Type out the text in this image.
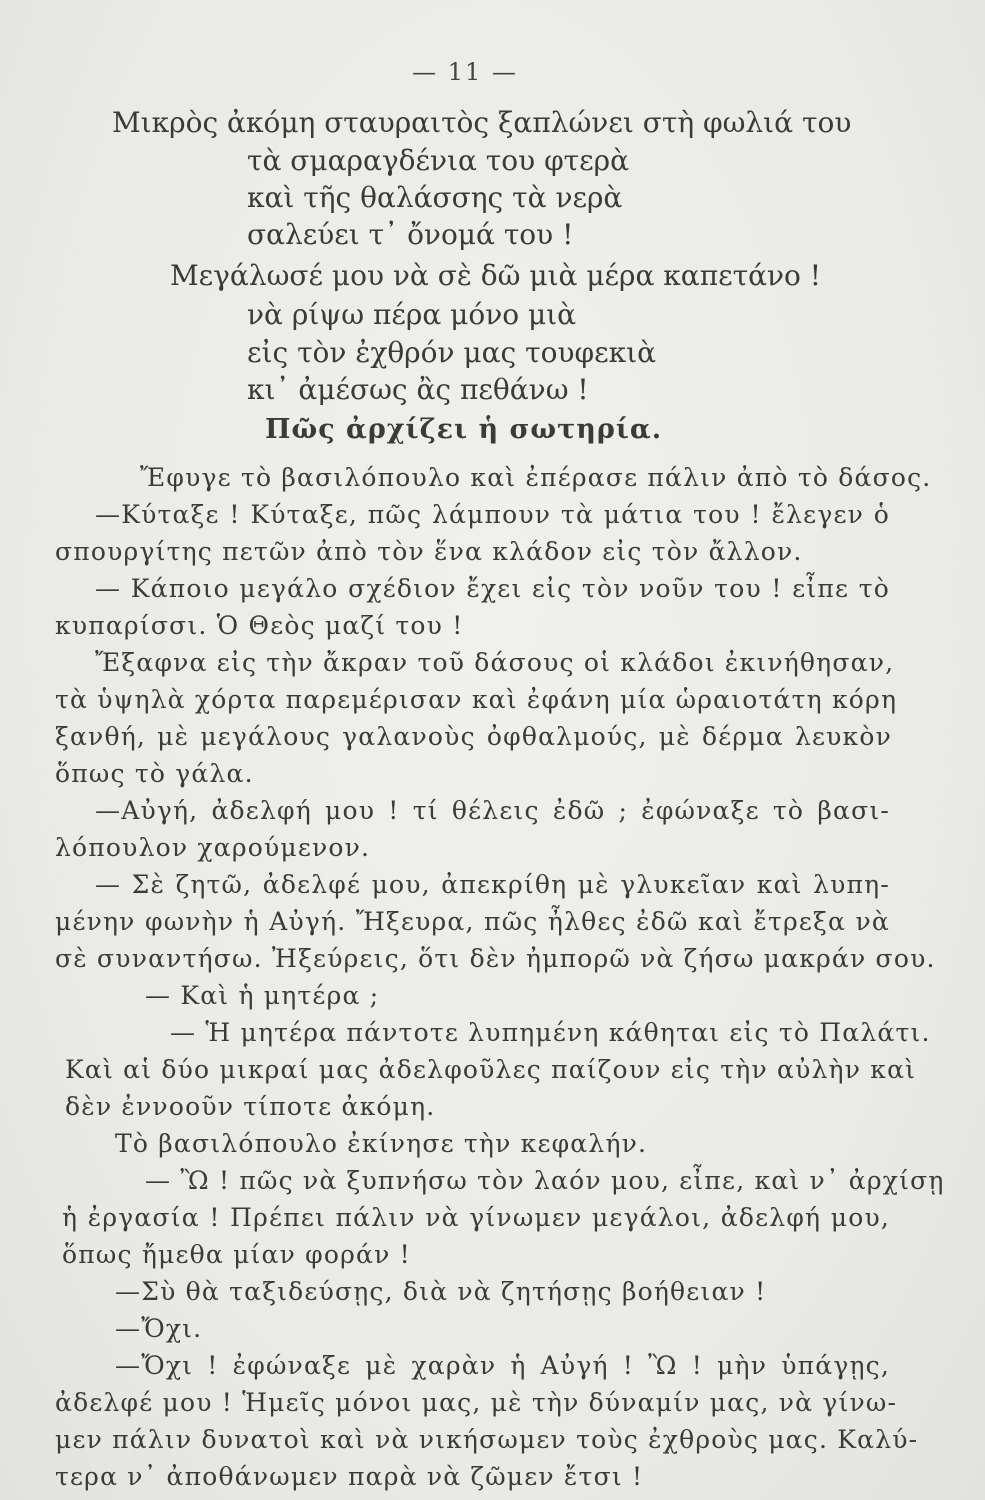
— 11 —
Μικρὸς ἀκόμη σταυραιτὸς ξαπλώνει στὴ φωλιά του
τὰ σμαραγδένια του φτερὰ
καὶ τῆς θαλάσσης τὰ νερὰ
σαλεύει τ᾽ ὄνομά του !
Μεγάλωσέ μου νὰ σὲ δῶ μιὰ μέρα καπετάνο !
νὰ ρίψω πέρα μόνο μιὰ
εἰς τὸν ἐχθρόν μας τουφεκιὰ
κι᾽ ἀμέσως ἂς πεθάνω !
Πῶς ἀρχίζει ἡ σωτηρία.
Ἔφυγε τὸ βασιλόπουλο καὶ ἐπέρασε πάλιν ἀπὸ τὸ δάσος.
—Κύταξε ! Κύταξε, πῶς λάμπουν τὰ μάτια του ! ἔλεγεν ὁ
σπουργίτης πετῶν ἀπὸ τὸν ἕνα κλάδον εἰς τὸν ἄλλον.
— Κάποιο μεγάλο σχέδιον ἔχει εἰς τὸν νοῦν του ! εἶπε τὸ
κυπαρίσσι. Ὁ Θεὸς μαζί του !
Ἔξαφνα εἰς τὴν ἄκραν τοῦ δάσους οἱ κλάδοι ἐκινήθησαν,
τὰ ὑψηλὰ χόρτα παρεμέρισαν καὶ ἐφάνη μία ὡραιοτάτη κόρη
ξανθή, μὲ μεγάλους γαλανοὺς ὀφθαλμούς, μὲ δέρμα λευκὸν
ὅπως τὸ γάλα.
—Αὐγή, ἀδελφή μου ! τί θέλεις ἐδῶ ; ἐφώναξε τὸ βασι-
λόπουλον χαρούμενον.
— Σὲ ζητῶ, ἀδελφέ μου, ἀπεκρίθη μὲ γλυκεῖαν καὶ λυπη-
μένην φωνὴν ἡ Αὐγή. Ἤξευρα, πῶς ἦλθες ἐδῶ καὶ ἔτρεξα νὰ
σὲ συναντήσω. Ἠξεύρεις, ὅτι δὲν ἠμπορῶ νὰ ζήσω μακράν σου.
— Καὶ ἡ μητέρα ;
— Ἡ μητέρα πάντοτε λυπημένη κάθηται εἰς τὸ Παλάτι.
Καὶ αἱ δύο μικραί μας ἀδελφοῦλες παίζουν εἰς τὴν αὐλὴν καὶ
δὲν ἐννοοῦν τίποτε ἀκόμη.
Τὸ βασιλόπουλο ἐκίνησε τὴν κεφαλήν.
— Ὢ ! πῶς νὰ ξυπνήσω τὸν λαόν μου, εἶπε, καὶ ν᾽ ἀρχίσῃ
ἡ ἐργασία ! Πρέπει πάλιν νὰ γίνωμεν μεγάλοι, ἀδελφή μου,
ὅπως ἤμεθα μίαν φοράν !
—Σὺ θὰ ταξιδεύσῃς, διὰ νὰ ζητήσῃς βοήθειαν !
—Ὄχι.
—Ὄχι ! ἐφώναξε μὲ χαρὰν ἡ Αὐγή ! Ὢ ! μὴν ὑπάγῃς,
ἀδελφέ μου ! Ἡμεῖς μόνοι μας, μὲ τὴν δύναμίν μας, νὰ γίνω-
μεν πάλιν δυνατοὶ καὶ νὰ νικήσωμεν τοὺς ἐχθροὺς μας. Καλύ-
τερα ν᾽ ἀποθάνωμεν παρὰ νὰ ζῶμεν ἔτσι !
